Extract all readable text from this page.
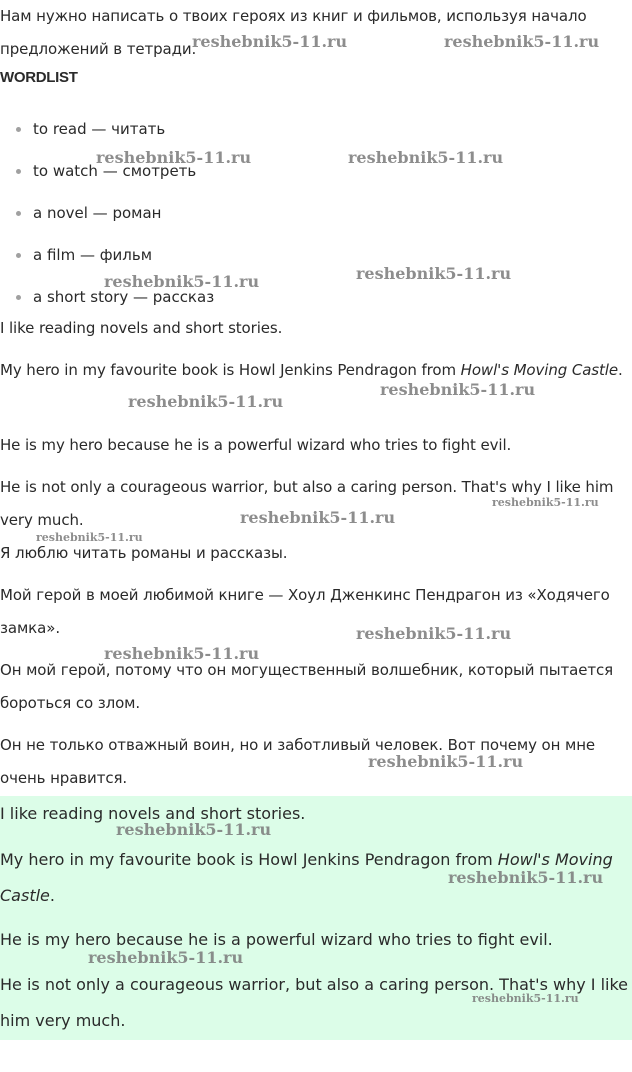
Нам нужно написать о твоих героях из книг и фильмов, используя начало предложений в тетради.

WORDLIST
to read — читать
to watch — смотреть
a novel — роман
a film — фильм
a short story — рассказ

I like reading novels and short stories.

My hero in my favourite book is Howl Jenkins Pendragon from Howl's Moving Castle.

He is my hero because he is a powerful wizard who tries to fight evil.

He is not only a courageous warrior, but also a caring person. That's why I like him very much.

Я люблю читать романы и рассказы.

Мой герой в моей любимой книге — Хоул Дженкинс Пендрагон из «Ходячего замка».

Он мой герой, потому что он могущественный волшебник, который пытается бороться со злом.

Он не только отважный воин, но и заботливый человек. Вот почему он мне очень нравится.

I like reading novels and short stories.

My hero in my favourite book is Howl Jenkins Pendragon from Howl's Moving Castle.

He is my hero because he is a powerful wizard who tries to fight evil.

He is not only a courageous warrior, but also a caring person. That's why I like him very much.

reshebnik5-11.ru	reshebnik5-11.ru
reshebnik5-11.ru	reshebnik5-11.ru
reshebnik5-11.ru	reshebnik5-11.ru
reshebnik5-11.ru
reshebnik5-11.ru
reshebnik5-11.ru
reshebnik5-11.ru
reshebnik5-11.ru
reshebnik5-11.ru
reshebnik5-11.ru
reshebnik5-11.ru
reshebnik5-11.ru
reshebnik5-11.ru
reshebnik5-11.ru
reshebnik5-11.ru
